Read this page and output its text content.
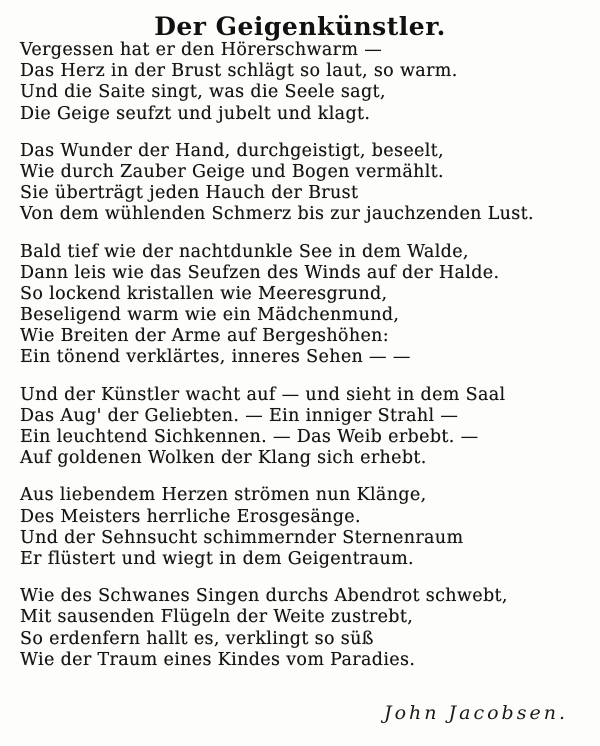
Der Geigenkünstler.
Vergessen hat er den Hörerschwarm —
Das Herz in der Brust schlägt so laut, so warm.
Und die Saite singt, was die Seele sagt,
Die Geige seufzt und jubelt und klagt.
Das Wunder der Hand, durchgeistigt, beseelt,
Wie durch Zauber Geige und Bogen vermählt.
Sie überträgt jeden Hauch der Brust
Von dem wühlenden Schmerz bis zur jauchzenden Lust.
Bald tief wie der nachtdunkle See in dem Walde,
Dann leis wie das Seufzen des Winds auf der Halde.
So lockend kristallen wie Meeresgrund,
Beseligend warm wie ein Mädchenmund,
Wie Breiten der Arme auf Bergeshöhen:
Ein tönend verklärtes, inneres Sehen — —
Und der Künstler wacht auf — und sieht in dem Saal
Das Aug' der Geliebten. — Ein inniger Strahl —
Ein leuchtend Sichkennen. — Das Weib erbebt. —
Auf goldenen Wolken der Klang sich erhebt.
Aus liebendem Herzen strömen nun Klänge,
Des Meisters herrliche Erosgesänge.
Und der Sehnsucht schimmernder Sternenraum
Er flüstert und wiegt in dem Geigentraum.
Wie des Schwanes Singen durchs Abendrot schwebt,
Mit sausenden Flügeln der Weite zustrebt,
So erdenfern hallt es, verklingt so süß
Wie der Traum eines Kindes vom Paradies.
John Jacobsen.
